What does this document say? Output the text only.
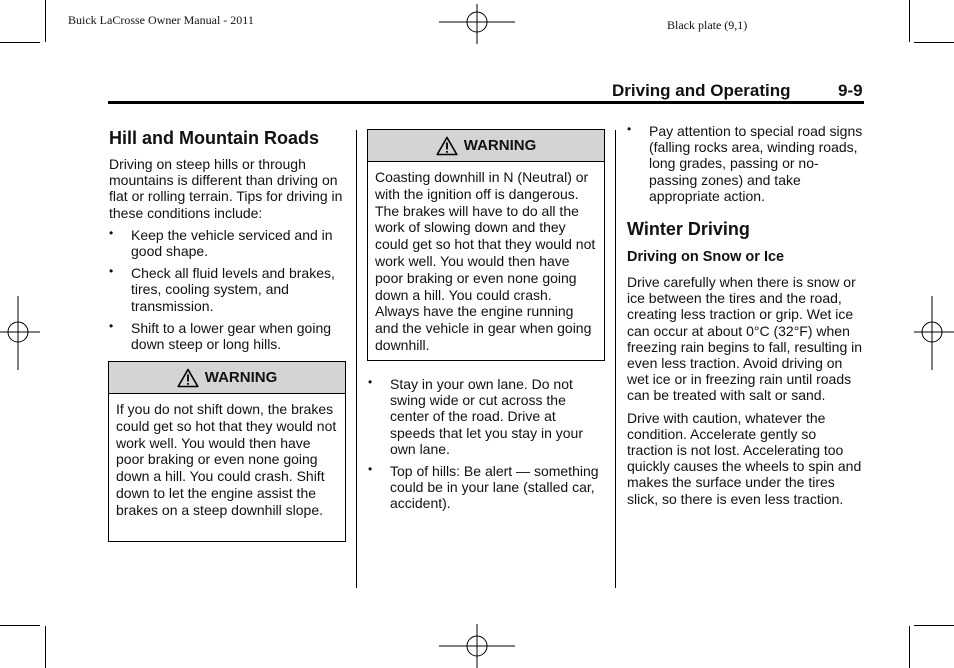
Buick LaCrosse Owner Manual - 2011	Black plate (9,1)
Driving and Operating	9-9
Hill and Mountain Roads

Driving on steep hills or through mountains is different than driving on flat or rolling terrain. Tips for driving in these conditions include:

• Keep the vehicle serviced and in good shape.
• Check all fluid levels and brakes, tires, cooling system, and transmission.
• Shift to a lower gear when going down steep or long hills.
WARNING
If you do not shift down, the brakes could get so hot that they would not work well. You would then have poor braking or even none going down a hill. You could crash. Shift down to let the engine assist the brakes on a steep downhill slope.
WARNING
Coasting downhill in N (Neutral) or with the ignition off is dangerous. The brakes will have to do all the work of slowing down and they could get so hot that they would not work well. You would then have poor braking or even none going down a hill. You could crash. Always have the engine running and the vehicle in gear when going downhill.
• Stay in your own lane. Do not swing wide or cut across the center of the road. Drive at speeds that let you stay in your own lane.
• Top of hills: Be alert — something could be in your lane (stalled car, accident).
• Pay attention to special road signs (falling rocks area, winding roads, long grades, passing or no-passing zones) and take appropriate action.
Winter Driving
Driving on Snow or Ice

Drive carefully when there is snow or ice between the tires and the road, creating less traction or grip. Wet ice can occur at about 0°C (32°F) when freezing rain begins to fall, resulting in even less traction. Avoid driving on wet ice or in freezing rain until roads can be treated with salt or sand.

Drive with caution, whatever the condition. Accelerate gently so traction is not lost. Accelerating too quickly causes the wheels to spin and makes the surface under the tires slick, so there is even less traction.
